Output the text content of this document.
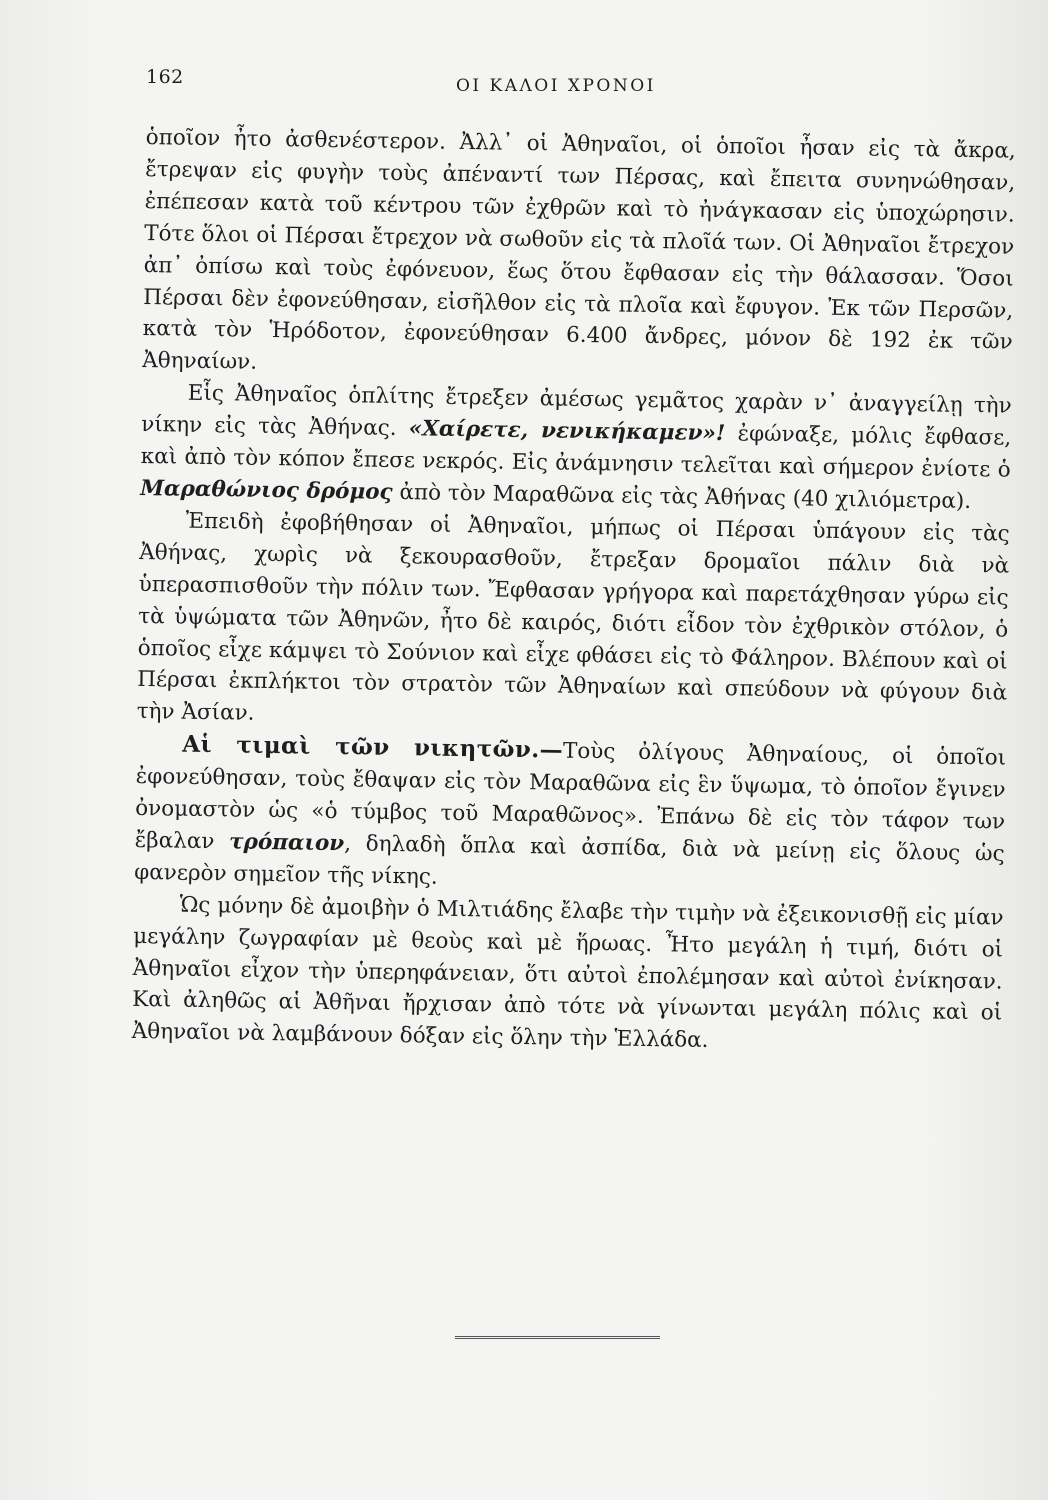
162	ΟΙ ΚΑΛΟΙ ΧΡΟΝΟΙ

ὁποῖον ἦτο ἀσθενέστερον. Ἀλλ᾽ οἱ Ἀθηναῖοι, οἱ ὁποῖοι ἦσαν εἰς τὰ ἄκρα, ἔτρεψαν εἰς φυγὴν τοὺς ἀπέναντί των Πέρσας, καὶ ἔπειτα συνηνώθησαν, ἐπέπεσαν κατὰ τοῦ κέντρου τῶν ἐχθρῶν καὶ τὸ ἠνάγκασαν εἰς ὑποχώρησιν. Τότε ὅλοι οἱ Πέρσαι ἔτρεχον νὰ σωθοῦν εἰς τὰ πλοῖά των. Οἱ Ἀθηναῖοι ἔτρεχον ἀπ᾽ ὀπίσω καὶ τοὺς ἐφόνευον, ἕως ὅτου ἔφθασαν εἰς τὴν θάλασσαν. Ὅσοι Πέρσαι δὲν ἐφονεύθησαν, εἰσῆλθον εἰς τὰ πλοῖα καὶ ἔφυγον. Ἐκ τῶν Περσῶν, κατὰ τὸν Ἡρόδοτον, ἐφονεύθησαν 6.400 ἄνδρες, μόνον δὲ 192 ἐκ τῶν Ἀθηναίων.

Εἷς Ἀθηναῖος ὁπλίτης ἔτρεξεν ἀμέσως γεμᾶτος χαρὰν ν᾽ ἀναγγείλῃ τὴν νίκην εἰς τὰς Ἀθήνας. «Χαίρετε, νενικήκαμεν»! ἐφώναξε, μόλις ἔφθασε, καὶ ἀπὸ τὸν κόπον ἔπεσε νεκρός. Εἰς ἀνάμνησιν τελεῖται καὶ σήμερον ἐνίοτε ὁ Μαραθώνιος δρόμος ἀπὸ τὸν Μαραθῶνα εἰς τὰς Ἀθήνας (40 χιλιόμετρα).

Ἐπειδὴ ἐφοβήθησαν οἱ Ἀθηναῖοι, μήπως οἱ Πέρσαι ὑπάγουν εἰς τὰς Ἀθήνας, χωρὶς νὰ ξεκουρασθοῦν, ἔτρεξαν δρομαῖοι πάλιν διὰ νὰ ὑπερασπισθοῦν τὴν πόλιν των. Ἔφθασαν γρήγορα καὶ παρετάχθησαν γύρω εἰς τὰ ὑψώματα τῶν Ἀθηνῶν, ἦτο δὲ καιρός, διότι εἶδον τὸν ἐχθρικὸν στόλον, ὁ ὁποῖος εἶχε κάμψει τὸ Σούνιον καὶ εἶχε φθάσει εἰς τὸ Φάληρον. Βλέπουν καὶ οἱ Πέρσαι ἐκπλήκτοι τὸν στρατὸν τῶν Ἀθηναίων καὶ σπεύδουν νὰ φύγουν διὰ τὴν Ἀσίαν.

Αἱ τιμαὶ τῶν νικητῶν.—Τοὺς ὀλίγους Ἀθηναίους, οἱ ὁποῖοι ἐφονεύθησαν, τοὺς ἔθαψαν εἰς τὸν Μαραθῶνα εἰς ἓν ὕψωμα, τὸ ὁποῖον ἔγινεν ὀνομαστὸν ὡς «ὁ τύμβος τοῦ Μαραθῶνος». Ἐπάνω δὲ εἰς τὸν τάφον των ἔβαλαν τρόπαιον, δηλαδὴ ὅπλα καὶ ἀσπίδα, διὰ νὰ μείνῃ εἰς ὅλους ὡς φανερὸν σημεῖον τῆς νίκης.

Ὡς μόνην δὲ ἀμοιβὴν ὁ Μιλτιάδης ἔλαβε τὴν τιμὴν νὰ ἐξεικονισθῇ εἰς μίαν μεγάλην ζωγραφίαν μὲ θεοὺς καὶ μὲ ἥρωας. Ἦτο μεγάλη ἡ τιμή, διότι οἱ Ἀθηναῖοι εἶχον τὴν ὑπερηφάνειαν, ὅτι αὐτοὶ ἐπολέμησαν καὶ αὐτοὶ ἐνίκησαν. Καὶ ἀληθῶς αἱ Ἀθῆναι ἤρχισαν ἀπὸ τότε νὰ γίνωνται μεγάλη πόλις καὶ οἱ Ἀθηναῖοι νὰ λαμβάνουν δόξαν εἰς ὅλην τὴν Ἑλλάδα.
